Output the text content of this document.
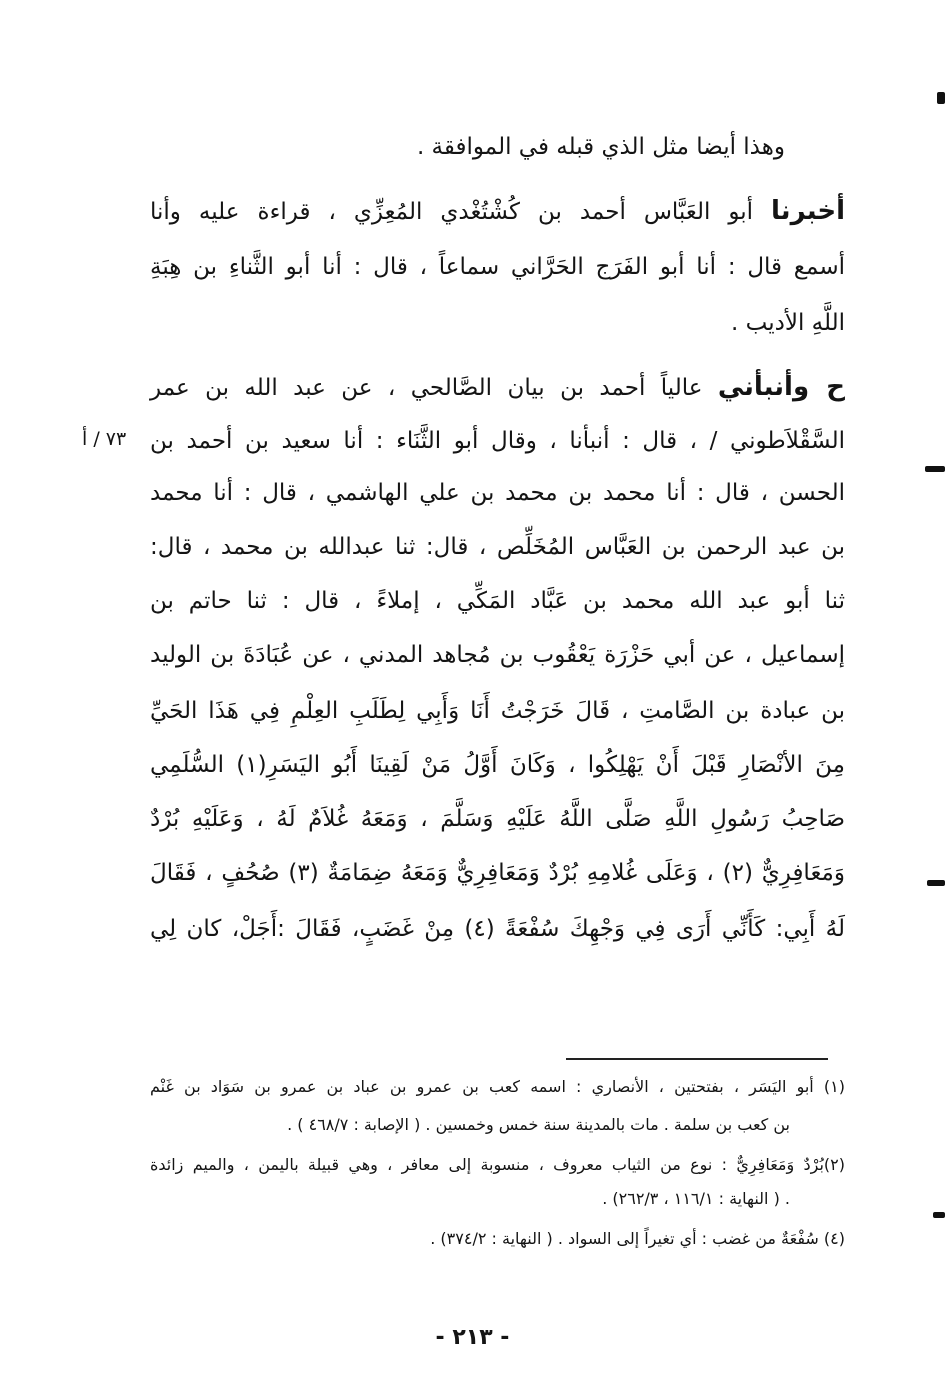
وهذا أيضا مثل الذي قبله في الموافقة .
أخبرنا أبو العَبَّاس أحمد بن كُشْتُغْدي المُعِزِّي ، قراءة عليه وأنا
أسمع قال : أنا أبو الفَرَج الحَرَّاني سماعاً ، قال : أنا أبو الثَّناءِ بن هِبَةِ
اللَّهِ الأديب .
ح وأنبأني عالياً أحمد بن بيان الصَّالحي ، عن عبد الله بن عمر
السَّقْلاَطوني / ، قال : أنبأنا ، وقال أبو الثَّنَاء : أنا سعيد بن أحمد بن
الحسن ، قال : أنا محمد بن محمد بن علي الهاشمي ، قال : أنا محمد
بن عبد الرحمن بن العَبَّاس المُخَلِّص ، قال: ثنا عبدالله بن محمد ، قال:
ثنا أبو عبد الله محمد بن عَبَّاد المَكِّي ، إملاءً ، قال : ثنا حاتم بن
إسماعيل ، عن أبي حَزْرَة يَعْقُوب بن مُجاهد المدني ، عن عُبَادَةَ بن الوليد
بن عبادة بن الصَّامتِ ، قَالَ خَرَجْتُ أَنَا وَأَبِي لِطَلَبِ العِلْمِ فِي هَذَا الحَيِّ
مِنَ الأنْصَارِ قَبْلَ أَنْ يَهْلِكُوا ، وَكَانَ أَوَّلُ مَنْ لَقِينَا أَبُو اليَسَرِ(١) السُّلَمِي
صَاحِبُ رَسُولِ اللَّهِ صَلَّى اللَّهُ عَلَيْهِ وَسَلَّمَ ، وَمَعَهُ غُلاَمٌ لَهُ ، وَعَلَيْهِ بُرْدٌ
وَمَعَافِرِيٌّ (٢) ، وَعَلَى غُلامِهِ بُرْدٌ وَمَعَافِرِيٌّ وَمَعَهُ ضِمَامَةٌ (٣) صُحُفٍ ، فَقَالَ
لَهُ أَبِي: كَأَنِّي أَرَى فِي وَجْهِكَ سُفْعَةً (٤) مِنْ غَضَبٍ، فَقَالَ :أَجَلْ، كان لِي
٧٣ / أ
(١) أبو اليَسَر ، بفتحتين ، الأنصاري : اسمه كعب بن عمرو بن عباد بن عمرو بن سَوَاد بن غَنْم
بن كعب بن سلمة . مات بالمدينة سنة خمس وخمسين . ( الإصابة : ٤٦٨/٧ ) .
(٢)بُرْدٌ وَمَعَافِرِيٌّ : نوع من الثياب معروف ، منسوبة إلى معافر ، وهي قبيلة باليمن ، والميم زائدة
. ( النهاية : ١١٦/١ ، ٢٦٢/٣) .
(٤) سُفْعَةٌ من غضب : أي تغيراً إلى السواد . ( النهاية : ٣٧٤/٢) .
- ٢١٣ -
